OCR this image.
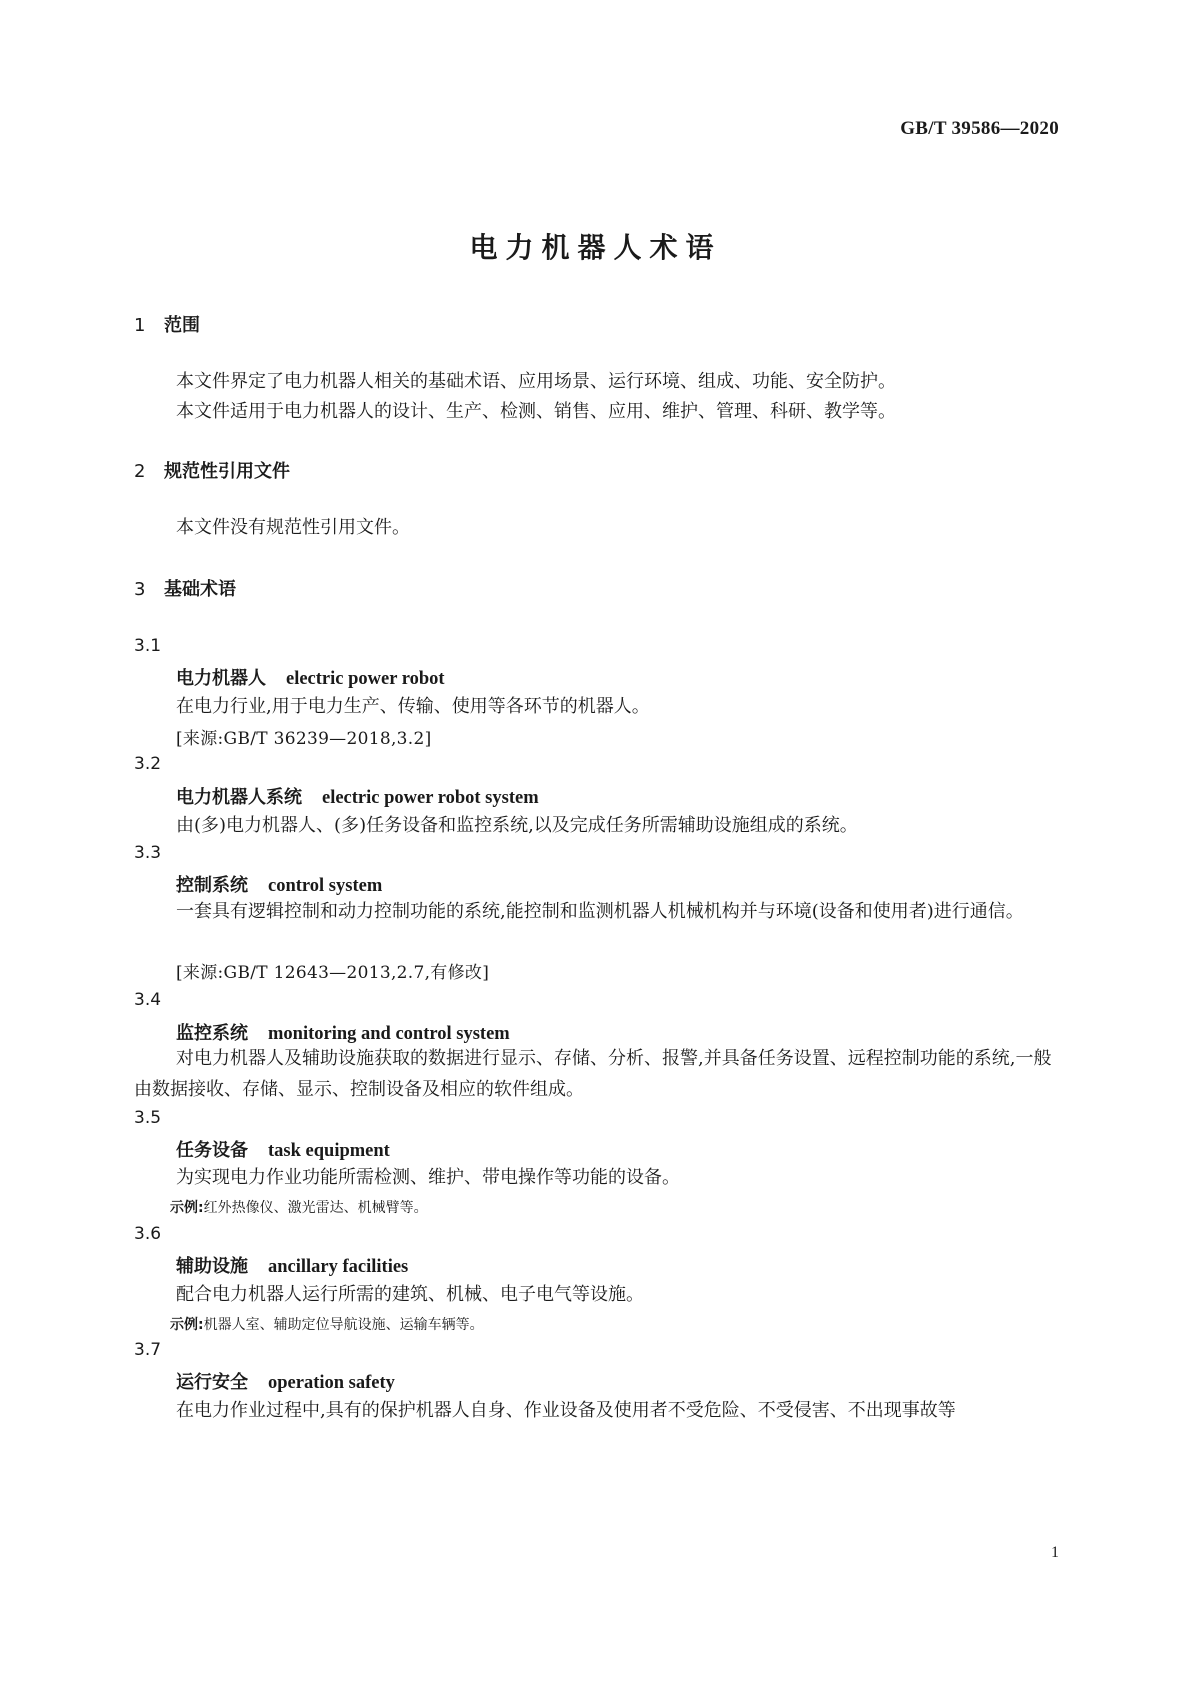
GB/T 39586—2020
电力机器人术语
1 范围
本文件界定了电力机器人相关的基础术语、应用场景、运行环境、组成、功能、安全防护。
本文件适用于电力机器人的设计、生产、检测、销售、应用、维护、管理、科研、教学等。
2 规范性引用文件
本文件没有规范性引用文件。
3 基础术语
3.1
电力机器人 electric power robot
在电力行业,用于电力生产、传输、使用等各环节的机器人。
[来源:GB/T 36239—2018,3.2]
3.2
电力机器人系统 electric power robot system
由(多)电力机器人、(多)任务设备和监控系统,以及完成任务所需辅助设施组成的系统。
3.3
控制系统 control system
一套具有逻辑控制和动力控制功能的系统,能控制和监测机器人机械机构并与环境(设备和使用者)进行通信。
[来源:GB/T 12643—2013,2.7,有修改]
3.4
监控系统 monitoring and control system
对电力机器人及辅助设施获取的数据进行显示、存储、分析、报警,并具备任务设置、远程控制功能的系统,一般由数据接收、存储、显示、控制设备及相应的软件组成。
3.5
任务设备 task equipment
为实现电力作业功能所需检测、维护、带电操作等功能的设备。
示例:红外热像仪、激光雷达、机械臂等。
3.6
辅助设施 ancillary facilities
配合电力机器人运行所需的建筑、机械、电子电气等设施。
示例:机器人室、辅助定位导航设施、运输车辆等。
3.7
运行安全 operation safety
在电力作业过程中,具有的保护机器人自身、作业设备及使用者不受危险、不受侵害、不出现事故等
1
